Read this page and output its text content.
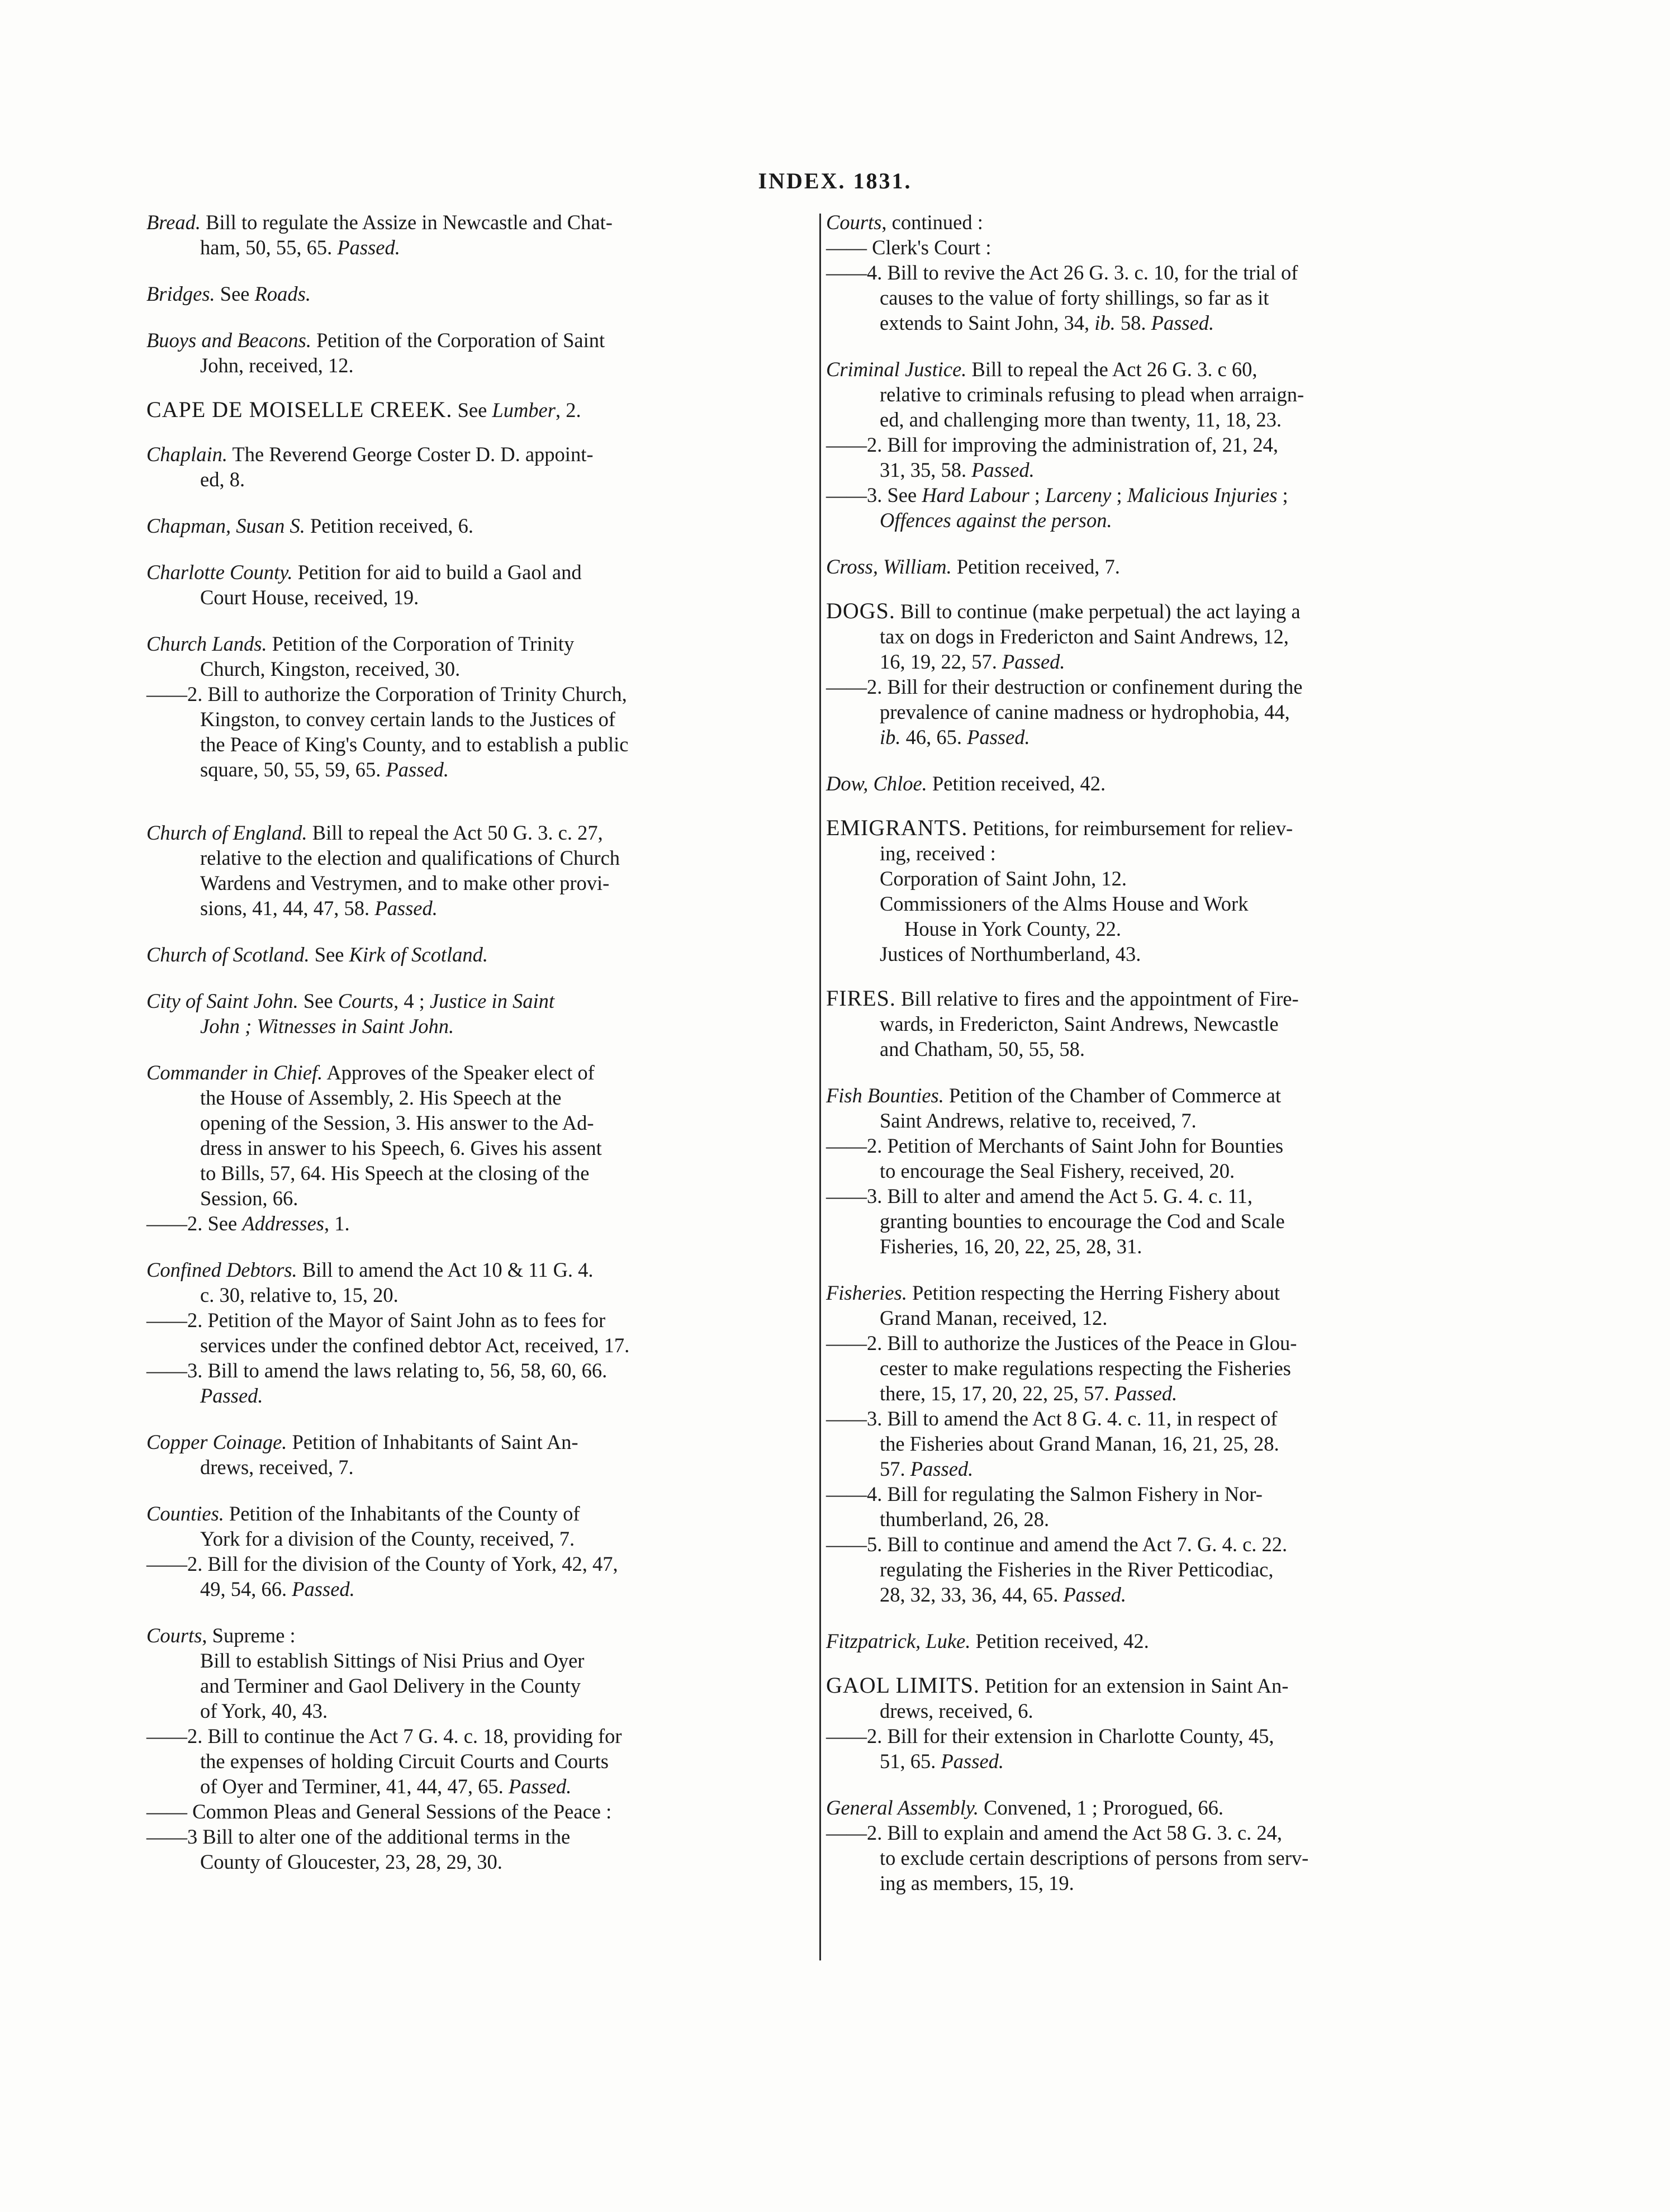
INDEX. 1831.
Bread. Bill to regulate the Assize in Newcastle and Chat-
ham, 50, 55, 65. Passed.
Bridges. See Roads.
Buoys and Beacons. Petition of the Corporation of Saint
John, received, 12.
CAPE DE MOISELLE CREEK. See Lumber, 2.
Chaplain. The Reverend George Coster D. D. appoint-
ed, 8.
Chapman, Susan S. Petition received, 6.
Charlotte County. Petition for aid to build a Gaol and
Court House, received, 19.
Church Lands. Petition of the Corporation of Trinity
Church, Kingston, received, 30.
——2. Bill to authorize the Corporation of Trinity Church,
Kingston, to convey certain lands to the Justices of
the Peace of King's County, and to establish a public
square, 50, 55, 59, 65. Passed.
Church of England. Bill to repeal the Act 50 G. 3. c. 27,
relative to the election and qualifications of Church
Wardens and Vestrymen, and to make other provi-
sions, 41, 44, 47, 58. Passed.
Church of Scotland. See Kirk of Scotland.
City of Saint John. See Courts, 4 ; Justice in Saint
John ; Witnesses in Saint John.
Commander in Chief. Approves of the Speaker elect of
the House of Assembly, 2. His Speech at the
opening of the Session, 3. His answer to the Ad-
dress in answer to his Speech, 6. Gives his assent
to Bills, 57, 64. His Speech at the closing of the
Session, 66.
——2. See Addresses, 1.
Confined Debtors. Bill to amend the Act 10 & 11 G. 4.
c. 30, relative to, 15, 20.
——2. Petition of the Mayor of Saint John as to fees for
services under the confined debtor Act, received, 17.
——3. Bill to amend the laws relating to, 56, 58, 60, 66.
Passed.
Copper Coinage. Petition of Inhabitants of Saint An-
drews, received, 7.
Counties. Petition of the Inhabitants of the County of
York for a division of the County, received, 7.
——2. Bill for the division of the County of York, 42, 47,
49, 54, 66. Passed.
Courts, Supreme :
Bill to establish Sittings of Nisi Prius and Oyer
and Terminer and Gaol Delivery in the County
of York, 40, 43.
——2. Bill to continue the Act 7 G. 4. c. 18, providing for
the expenses of holding Circuit Courts and Courts
of Oyer and Terminer, 41, 44, 47, 65. Passed.
—— Common Pleas and General Sessions of the Peace :
——3 Bill to alter one of the additional terms in the
County of Gloucester, 23, 28, 29, 30.
Courts, continued :
—— Clerk's Court :
——4. Bill to revive the Act 26 G. 3. c. 10, for the trial of
causes to the value of forty shillings, so far as it
extends to Saint John, 34, ib. 58. Passed.
Criminal Justice. Bill to repeal the Act 26 G. 3. c 60,
relative to criminals refusing to plead when arraign-
ed, and challenging more than twenty, 11, 18, 23.
——2. Bill for improving the administration of, 21, 24,
31, 35, 58. Passed.
——3. See Hard Labour ; Larceny ; Malicious Injuries ;
Offences against the person.
Cross, William. Petition received, 7.
DOGS. Bill to continue (make perpetual) the act laying a
tax on dogs in Fredericton and Saint Andrews, 12,
16, 19, 22, 57. Passed.
——2. Bill for their destruction or confinement during the
prevalence of canine madness or hydrophobia, 44,
ib. 46, 65. Passed.
Dow, Chloe. Petition received, 42.
EMIGRANTS. Petitions, for reimbursement for reliev-
ing, received :
Corporation of Saint John, 12.
Commissioners of the Alms House and Work
House in York County, 22.
Justices of Northumberland, 43.
FIRES. Bill relative to fires and the appointment of Fire-
wards, in Fredericton, Saint Andrews, Newcastle
and Chatham, 50, 55, 58.
Fish Bounties. Petition of the Chamber of Commerce at
Saint Andrews, relative to, received, 7.
——2. Petition of Merchants of Saint John for Bounties
to encourage the Seal Fishery, received, 20.
——3. Bill to alter and amend the Act 5. G. 4. c. 11,
granting bounties to encourage the Cod and Scale
Fisheries, 16, 20, 22, 25, 28, 31.
Fisheries. Petition respecting the Herring Fishery about
Grand Manan, received, 12.
——2. Bill to authorize the Justices of the Peace in Glou-
cester to make regulations respecting the Fisheries
there, 15, 17, 20, 22, 25, 57. Passed.
——3. Bill to amend the Act 8 G. 4. c. 11, in respect of
the Fisheries about Grand Manan, 16, 21, 25, 28.
57. Passed.
——4. Bill for regulating the Salmon Fishery in Nor-
thumberland, 26, 28.
——5. Bill to continue and amend the Act 7. G. 4. c. 22.
regulating the Fisheries in the River Petticodiac,
28, 32, 33, 36, 44, 65. Passed.
Fitzpatrick, Luke. Petition received, 42.
GAOL LIMITS. Petition for an extension in Saint An-
drews, received, 6.
——2. Bill for their extension in Charlotte County, 45,
51, 65. Passed.
General Assembly. Convened, 1 ; Prorogued, 66.
——2. Bill to explain and amend the Act 58 G. 3. c. 24,
to exclude certain descriptions of persons from serv-
ing as members, 15, 19.
